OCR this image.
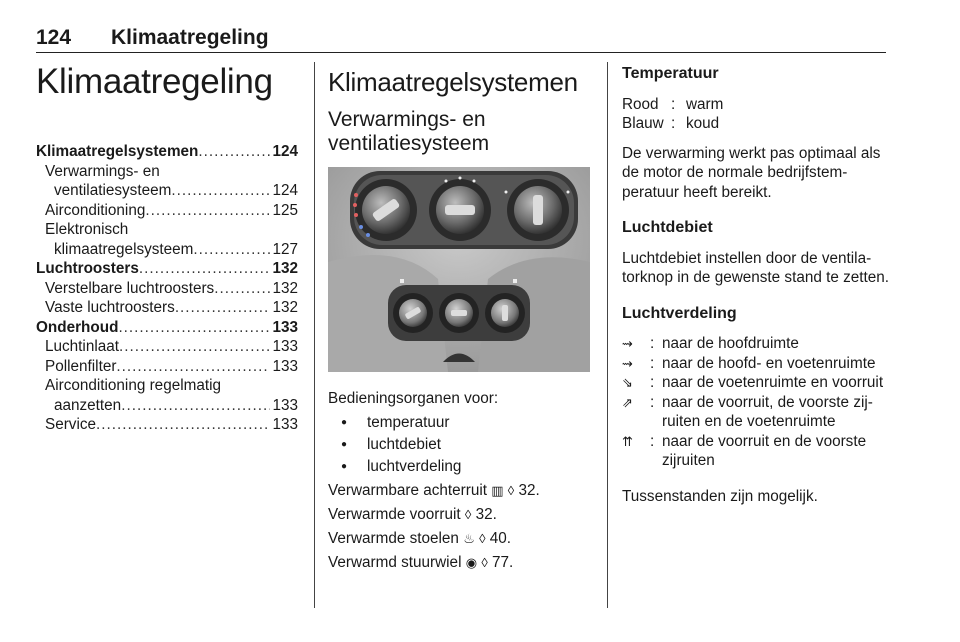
124 Klimaatregeling
Klimaatregeling
Klimaatregelsystemen .....	124
Verwarmings- en
ventilatiesysteem .....	124
Airconditioning .....	125
Elektronisch
klimaatregelsysteem .....	127
Luchtroosters .....	132
Verstelbare luchtroosters .....	132
Vaste luchtroosters .....	132
Onderhoud .....	133
Luchtinlaat .....	133
Pollenfilter .....	133
Airconditioning regelmatig
aanzetten .....	133
Service .....	133
Klimaatregelsystemen
Verwarmings- en
ventilatiesysteem
Bedieningsorganen voor:
●	temperatuur
●	luchtdebiet
●	luchtverdeling
Verwarmbare achterruit ▥ ◊ 32.
Verwarmde voorruit ◊ 32.
Verwarmde stoelen ♨ ◊ 40.
Verwarmd stuurwiel ◉ ◊ 77.
Temperatuur
Rood : warm
Blauw : koud
De verwarming werkt pas optimaal als de motor de normale bedrijfstemperatuur heeft bereikt.
Luchtdebiet
Luchtdebiet instellen door de ventilatorknop in de gewenste stand te zetten.
Luchtverdeling
⇝	: naar de hoofdruimte
⇝	: naar de hoofd- en voetenruimte
⇘	: naar de voetenruimte en voorruit
⇗	: naar de voorruit, de voorste zijruiten en de voetenruimte
⇈	: naar de voorruit en de voorste zijruiten
Tussenstanden zijn mogelijk.
